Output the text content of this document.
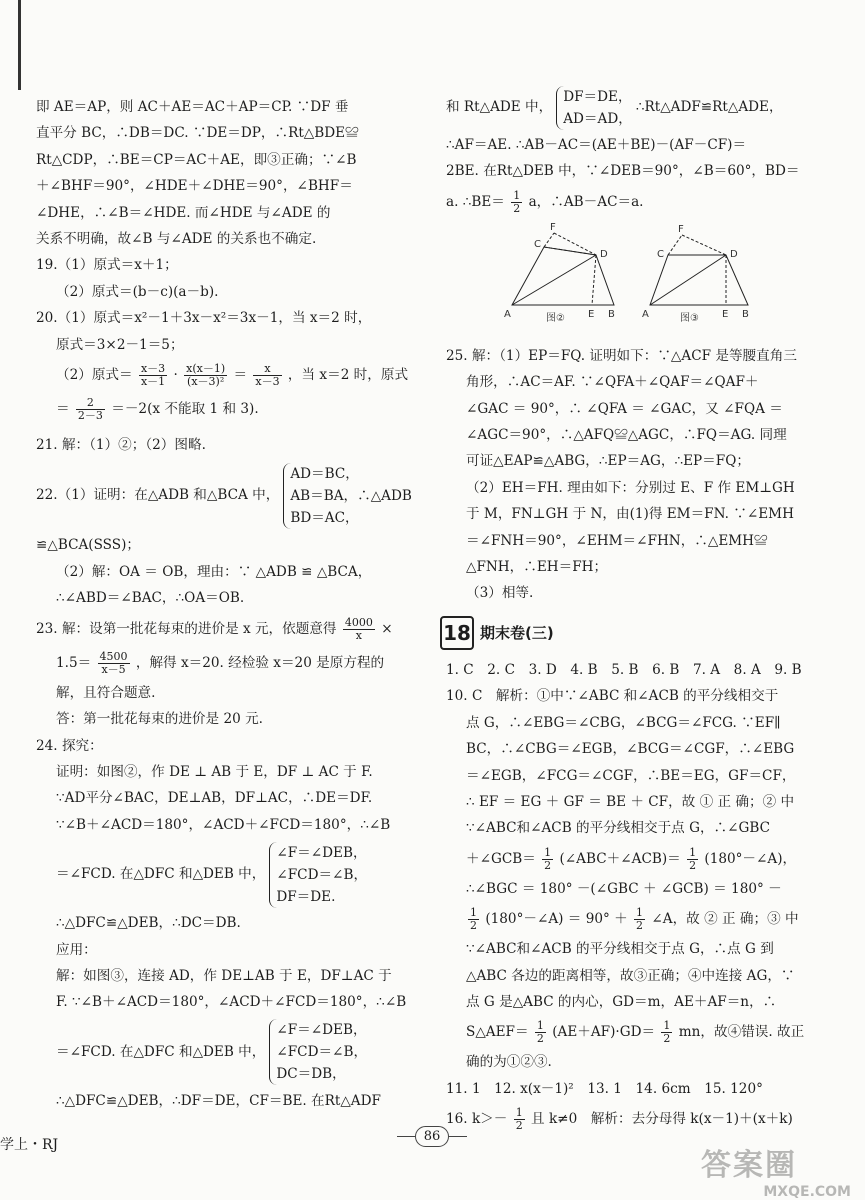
即 AE＝AP，则 AC＋AE＝AC＋AP＝CP. ∵DF 垂

直平分 BC，∴DB＝DC. ∵DE＝DP，∴Rt△BDE≌

Rt△CDP，∴BE＝CP＝AC＋AE，即③正确；∵∠B

＋∠BHF＝90°，∠HDE＋∠DHE＝90°，∠BHF＝

∠DHE，∴∠B＝∠HDE. 而∠HDE 与∠ADE 的

关系不明确，故∠B 与∠ADE 的关系也不确定.

19.（1）原式＝x＋1；

（2）原式＝(b－c)(a－b).

20.（1）原式＝x²－1＋3x－x²＝3x－1，当 x＝2 时，

原式＝3×2－1＝5；

（2）原式＝ $\frac{x-3}{x-1} \cdot \frac{x(x-1)}{\text{(x－3)²}} = \frac{x}{x-3}$ ，当 x＝2 时，原式

＝ $\frac{2}{2-3} =-2(x$ 不能取 1 和 3).

21. 解：（1）②；（2）图略.

22.（1）证明：在△ADB 和△BCA 中，
AD＝BC，
AB＝BA，∴△ADB
BD＝AC，

≌△BCA(SSS)；

（2）解：OA ＝ OB，理由：∵ △ADB ≌ △BCA，

∴∠ABD＝∠BAC，∴OA＝OB.

23. 解：设第一批花每束的进价是 x 元，依题意得 $\frac{4000}{x}$ ×

$1.5= \frac{4500}{x-5}$ ，解得 x＝20. 经检验 x＝20 是原方程的

解，且符合题意.

答：第一批花每束的进价是 20 元.

24. 探究：

证明：如图②，作 DE ⊥ AB 于 E，DF ⊥ AC 于 F.

∵AD平分∠BAC，DE⊥AB，DF⊥AC，∴DE＝DF.

∵∠B＋∠ACD＝180°，∠ACD＋∠FCD＝180°，∴∠B

＝∠FCD. 在△DFC 和△DEB 中，
∠F＝∠DEB，
∠FCD＝∠B，
DF＝DE.

∴△DFC≌△DEB，∴DC＝DB.

应用：

解：如图③，连接 AD，作 DE⊥AB 于 E，DF⊥AC 于

F. ∵∠B＋∠ACD＝180°，∠ACD＋∠FCD＝180°，∴∠B

＝∠FCD. 在△DFC 和△DEB 中，
∠F＝∠DEB，
∠FCD＝∠B，
DC＝DB，

∴△DFC≌△DEB，∴DF＝DE，CF＝BE. 在Rt△ADF

和 Rt△ADE 中，
DF＝DE，
AD＝AD，
∴Rt△ADF≌Rt△ADE，

∴AF＝AE. ∴AB－AC＝(AE＋BE)－(AF－CF)＝

2BE. 在Rt△DEB 中，∵∠DEB＝90°，∠B＝60°，BD＝

a. ∴BE＝ $\frac{1}{2}$ a，∴AB－AC＝a.

F
C
D
A	E B
图②
F
C	D
A	E B
图③

25. 解：（1）EP＝FQ. 证明如下：∵△ACF 是等腰直角三

角形，∴AC＝AF. ∵∠QFA＋∠QAF＝∠QAF＋

∠GAC ＝ 90°，∴ ∠QFA ＝ ∠GAC，又 ∠FQA ＝

∠AGC＝90°，∴△AFQ≌△AGC，∴FQ＝AG. 同理

可证△EAP≌△ABG，∴EP＝AG，∴EP＝FQ；

（2）EH＝FH. 理由如下：分别过 E、F 作 EM⊥GH

于 M，FN⊥GH 于 N，由(1)得 EM＝FN. ∵∠EMH

＝∠FNH＝90°，∠EHM＝∠FHN，∴△EMH≌

△FNH，∴EH＝FH；

（3）相等.

18 期末卷(三)

1. C　2. C　3. D　4. B　5. B　6. B　7. A　8. A　9. B

10. C　解析：①中∵∠ABC 和∠ACB 的平分线相交于

点 G，∴∠EBG＝∠CBG，∠BCG＝∠FCG. ∵EF∥

BC，∴∠CBG＝∠EGB，∠BCG＝∠CGF，∴∠EBG

＝∠EGB，∠FCG＝∠CGF，∴BE＝EG，GF＝CF，

∴ EF ＝ EG ＋ GF ＝ BE ＋ CF，故 ① 正 确；② 中

∵∠ABC和∠ACB 的平分线相交于点 G，∴∠GBC

＋∠GCB＝ $\frac{1}{2}$ (∠ABC＋∠ACB)＝ $\frac{1}{2}$ (180°－∠A)，

∴∠BGC ＝ 180° －(∠GBC ＋ ∠GCB) ＝ 180° －

$\frac{1}{2}$ (180°－∠A) ＝ $90^\circ + \frac{1}{2}$ ∠A，故 ② 正 确；③ 中

∵∠ABC和∠ACB 的平分线相交于点 G，∴点 G 到

△ABC 各边的距离相等，故③正确；④中连接 AG，∵

点 G 是△ABC 的内心，GD＝m，AE＋AF＝n，∴

S△AEF＝ $\frac{1}{2} (AE+AF)\cdot GD= \frac{1}{2}$ mn，故④错误. 故正

确的为①②③.

11. 1　12. x(x－1)²　13. 1　14. 6cm　15. 120°

16. $k>- \frac{1}{2}$ 且 k≠0　解析：去分母得 k(x－1)＋(x＋k)

学上・RJ
86
答案圈
MXQE.COM
